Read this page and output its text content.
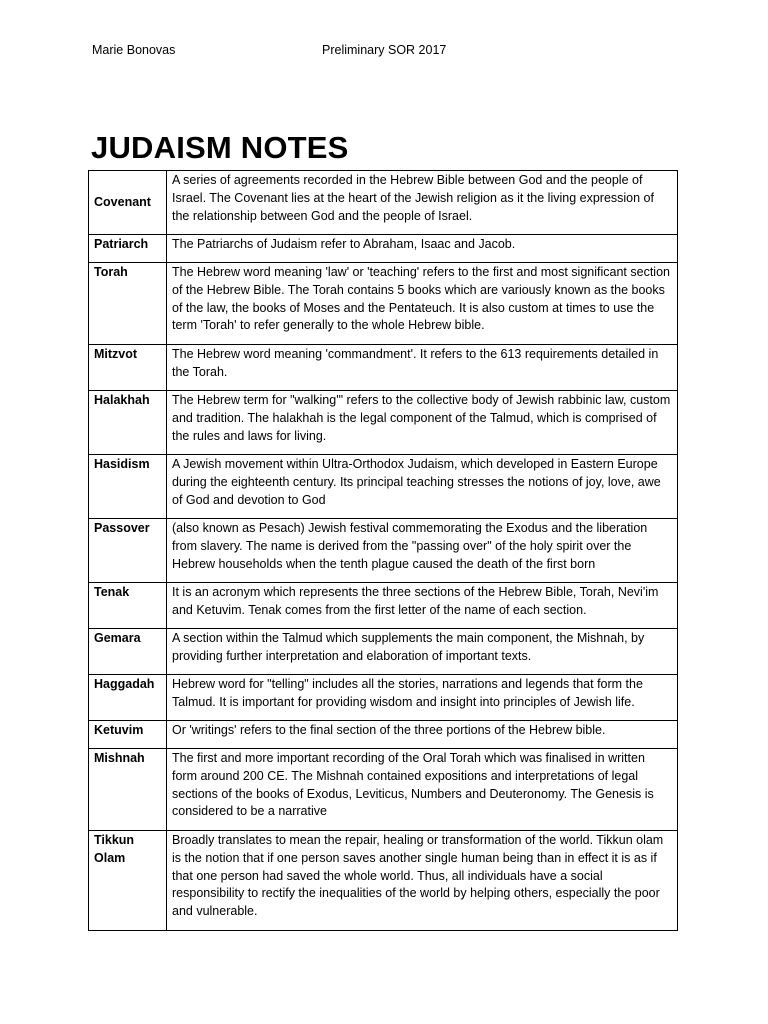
Marie Bonovas	Preliminary SOR 2017
JUDAISM NOTES
Covenant	A series of agreements recorded in the Hebrew Bible between God and the people of Israel. The Covenant lies at the heart of the Jewish religion as it the living expression of the relationship between God and the people of Israel.
Patriarch	The Patriarchs of Judaism refer to Abraham, Isaac and Jacob.
Torah	The Hebrew word meaning 'law' or 'teaching' refers to the first and most significant section of the Hebrew Bible. The Torah contains 5 books which are variously known as the books of the law, the books of Moses and the Pentateuch. It is also custom at times to use the term 'Torah' to refer generally to the whole Hebrew bible.
Mitzvot	The Hebrew word meaning 'commandment'. It refers to the 613 requirements detailed in the Torah.
Halakhah	The Hebrew term for "walking'" refers to the collective body of Jewish rabbinic law, custom and tradition. The halakhah is the legal component of the Talmud, which is comprised of the rules and laws for living.
Hasidism	A Jewish movement within Ultra-Orthodox Judaism, which developed in Eastern Europe during the eighteenth century. Its principal teaching stresses the notions of joy, love, awe of God and devotion to God
Passover	(also known as Pesach) Jewish festival commemorating the Exodus and the liberation from slavery. The name is derived from the "passing over" of the holy spirit over the Hebrew households when the tenth plague caused the death of the first born
Tenak	It is an acronym which represents the three sections of the Hebrew Bible, Torah, Nevi'im and Ketuvim. Tenak comes from the first letter of the name of each section.
Gemara	A section within the Talmud which supplements the main component, the Mishnah, by providing further interpretation and elaboration of important texts.
Haggadah	Hebrew word for "telling" includes all the stories, narrations and legends that form the Talmud. It is important for providing wisdom and insight into principles of Jewish life.
Ketuvim	Or 'writings' refers to the final section of the three portions of the Hebrew bible.
Mishnah	The first and more important recording of the Oral Torah which was finalised in written form around 200 CE. The Mishnah contained expositions and interpretations of legal sections of the books of Exodus, Leviticus, Numbers and Deuteronomy. The Genesis is considered to be a narrative
Tikkun Olam	Broadly translates to mean the repair, healing or transformation of the world. Tikkun olam is the notion that if one person saves another single human being than in effect it is as if that one person had saved the whole world. Thus, all individuals have a social responsibility to rectify the inequalities of the world by helping others, especially the poor and vulnerable.
